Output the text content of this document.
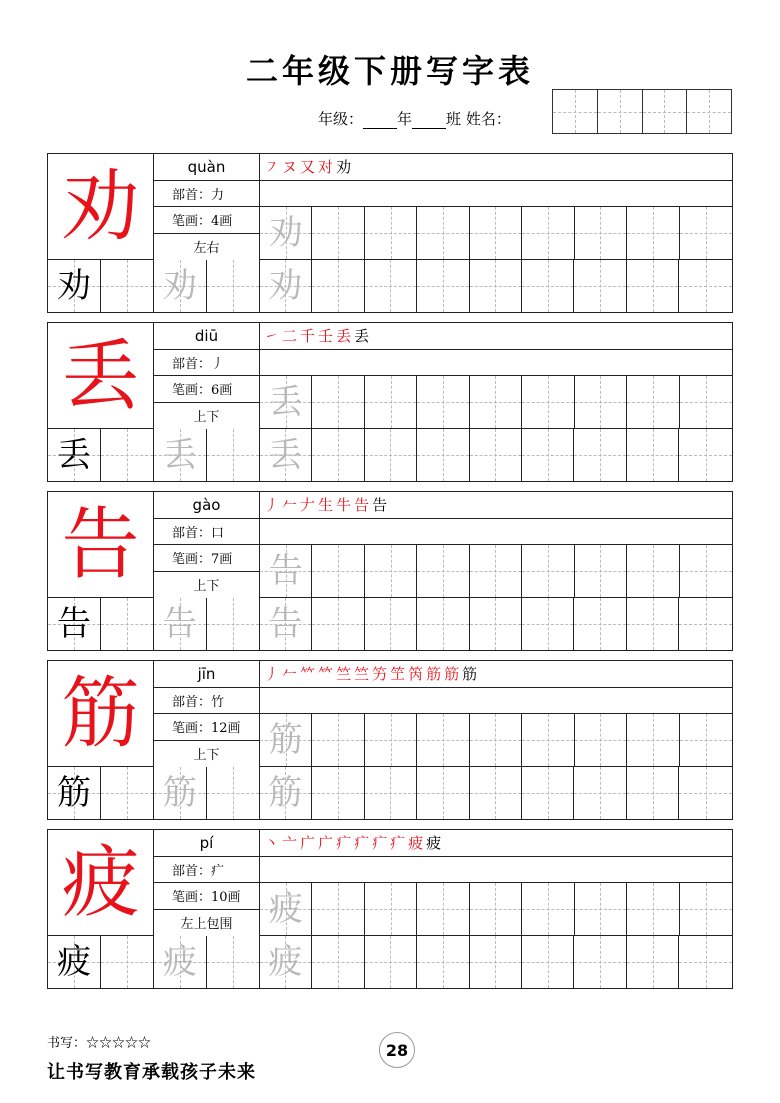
二年级下册写字表
年级： 年 班 姓名：
劝	quàn
部首：力
笔画：4画
左右
㇇ ヌ 又 对 劝
劝
劝 劝 劝
丢	diū
部首：丿
笔画：6画
上下
㇀ 二 千 壬 丢 丢
丢
丢 丢 丢
告	gào
部首：口
笔画：7画
上下
丿 𠂉 𠂇 生 牛 告 告
告
告 告 告
筋	jīn
部首：竹
笔画：12画
上下
丿 𠂉 𥫗 𥫗 竺 竺 竻 笁 笍 筋 筋 筋
筋
筋 筋 筋
疲	pí
部首：疒
笔画：10画
左上包围
丶 亠 广 广 疒 疒 疒 疒 疲 疲
疲
疲 疲 疲
书写：☆☆☆☆☆	28
让书写教育承载孩子未来
